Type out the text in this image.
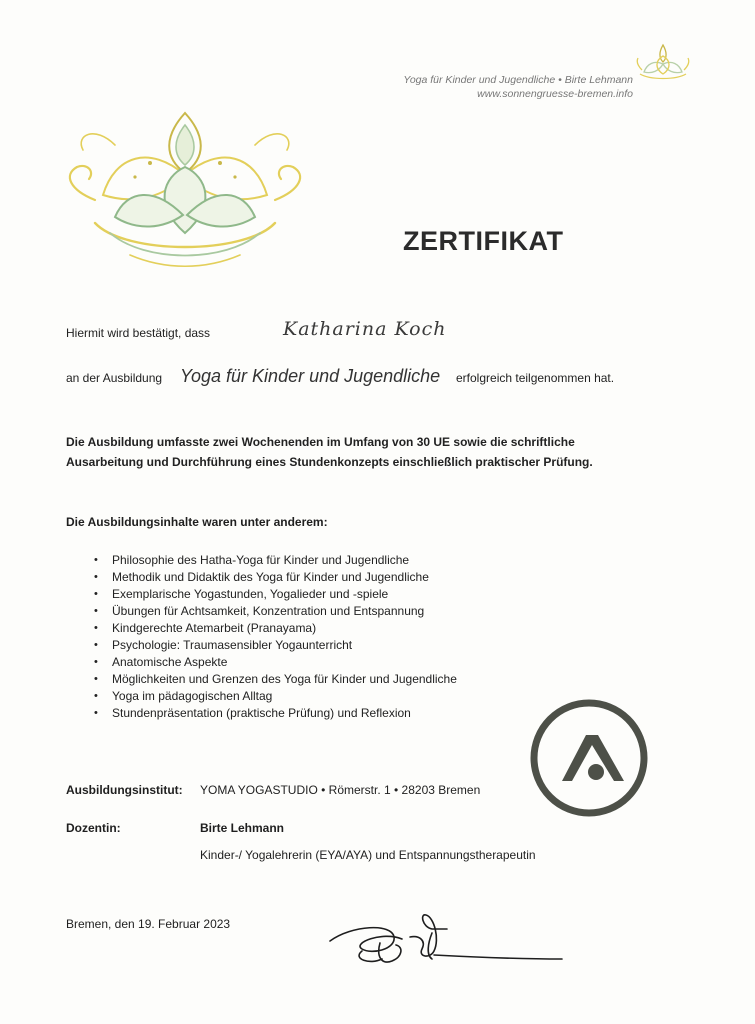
Yoga für Kinder und Jugendliche • Birte Lehmann
www.sonnengruesse-bremen.info
ZERTIFIKAT
Hiermit wird bestätigt, dass	Katharina Koch
an der Ausbildung Yoga für Kinder und Jugendliche erfolgreich teilgenommen hat.
Die Ausbildung umfasste zwei Wochenenden im Umfang von 30 UE sowie die schriftliche
Ausarbeitung und Durchführung eines Stundenkonzepts einschließlich praktischer Prüfung.
Die Ausbildungsinhalte waren unter anderem:
• Philosophie des Hatha-Yoga für Kinder und Jugendliche
• Methodik und Didaktik des Yoga für Kinder und Jugendliche
• Exemplarische Yogastunden, Yogalieder und -spiele
• Übungen für Achtsamkeit, Konzentration und Entspannung
• Kindgerechte Atemarbeit (Pranayama)
• Psychologie: Traumasensibler Yogaunterricht
• Anatomische Aspekte
• Möglichkeiten und Grenzen des Yoga für Kinder und Jugendliche
• Yoga im pädagogischen Alltag
• Stundenpräsentation (praktische Prüfung) und Reflexion
Ausbildungsinstitut: YOMA YOGASTUDIO • Römerstr. 1 • 28203 Bremen
Dozentin:	Birte Lehmann
Kinder-/ Yogalehrerin (EYA/AYA) und Entspannungstherapeutin
Bremen, den 19. Februar 2023
